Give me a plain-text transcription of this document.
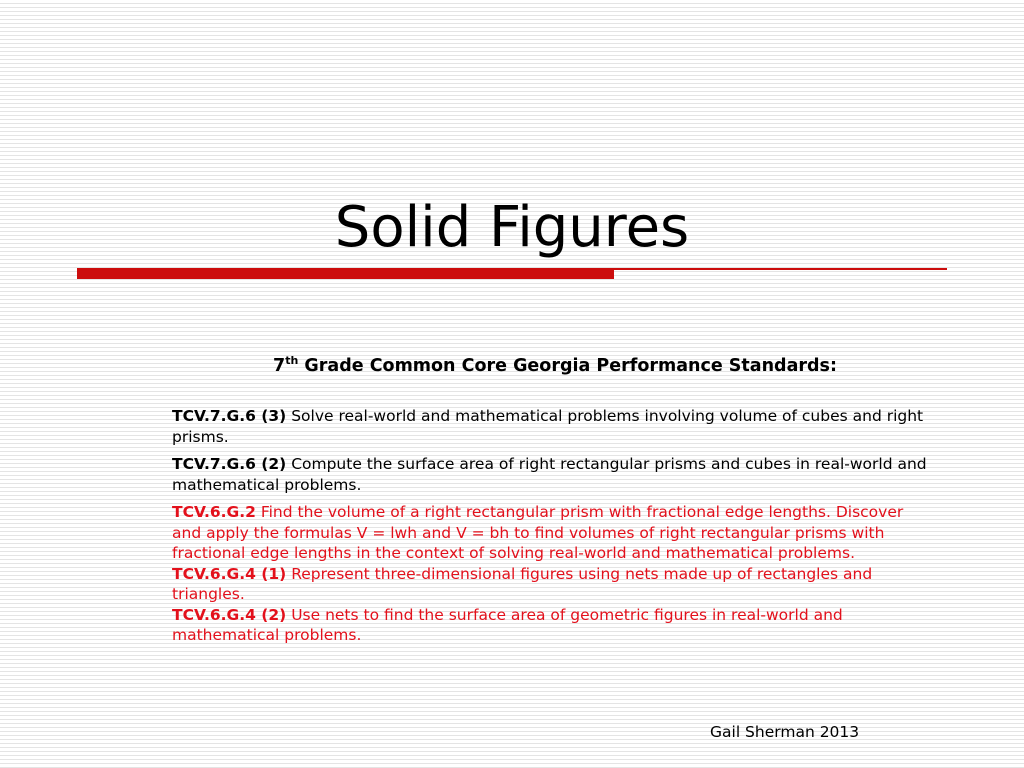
Solid Figures
7th Grade Common Core Georgia Performance Standards:

TCV.7.G.6 (3) Solve real-world and mathematical problems involving volume of cubes and right prisms.

TCV.7.G.6 (2) Compute the surface area of right rectangular prisms and cubes in real-world and mathematical problems.

TCV.6.G.2 Find the volume of a right rectangular prism with fractional edge lengths. Discover and apply the formulas V = lwh and V = bh to find volumes of right rectangular prisms with fractional edge lengths in the context of solving real-world and mathematical problems.

TCV.6.G.4 (1) Represent three-dimensional figures using nets made up of rectangles and triangles.

TCV.6.G.4 (2) Use nets to find the surface area of geometric figures in real-world and mathematical problems.

Gail Sherman 2013
